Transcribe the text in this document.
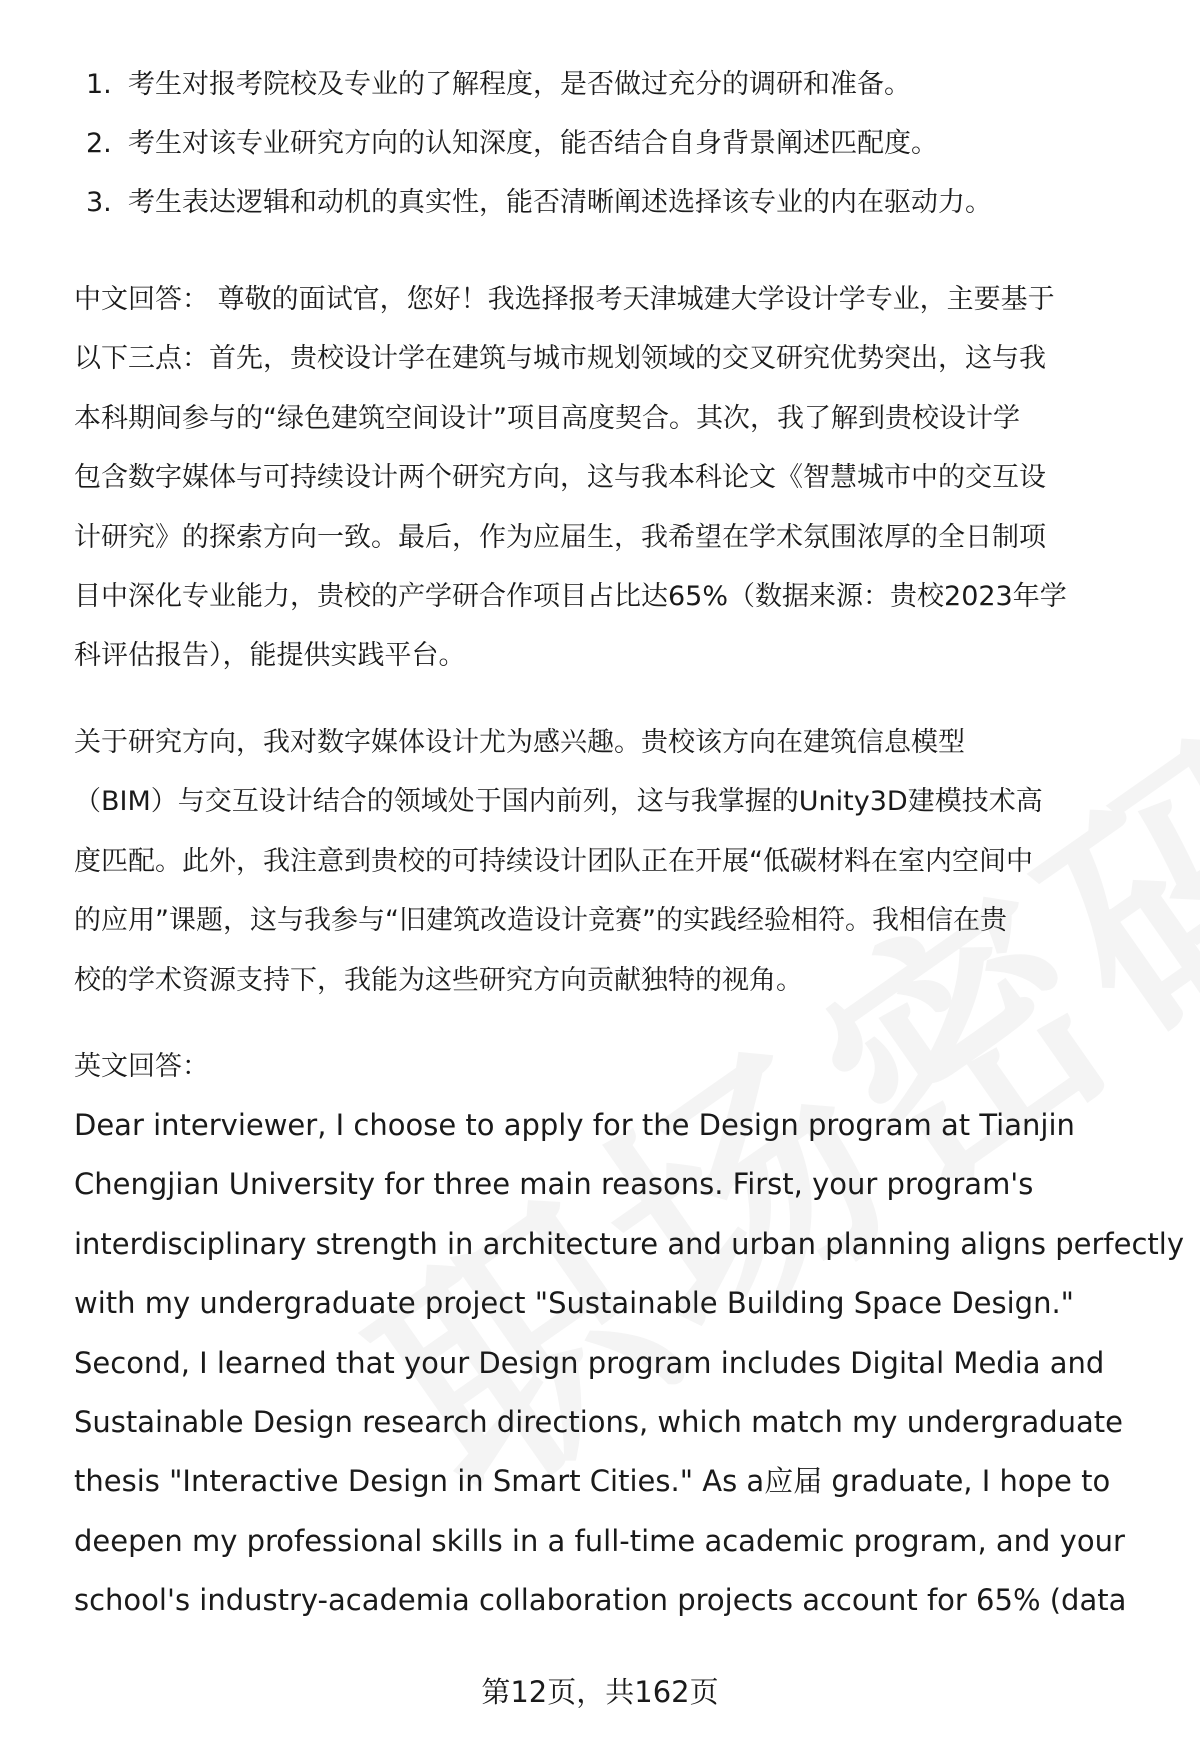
1. 考生对报考院校及专业的了解程度，是否做过充分的调研和准备。
2. 考生对该专业研究方向的认知深度，能否结合自身背景阐述匹配度。
3. 考生表达逻辑和动机的真实性，能否清晰阐述选择该专业的内在驱动力。

中文回答： 尊敬的面试官，您好！我选择报考天津城建大学设计学专业，主要基于
以下三点：首先，贵校设计学在建筑与城市规划领域的交叉研究优势突出，这与我
本科期间参与的“绿色建筑空间设计”项目高度契合。其次，我了解到贵校设计学
包含数字媒体与可持续设计两个研究方向，这与我本科论文《智慧城市中的交互设
计研究》的探索方向一致。最后，作为应届生，我希望在学术氛围浓厚的全日制项
目中深化专业能力，贵校的产学研合作项目占比达65%（数据来源：贵校2023年学
科评估报告），能提供实践平台。

关于研究方向，我对数字媒体设计尤为感兴趣。贵校该方向在建筑信息模型
（BIM）与交互设计结合的领域处于国内前列，这与我掌握的Unity3D建模技术高
度匹配。此外，我注意到贵校的可持续设计团队正在开展“低碳材料在室内空间中
的应用”课题，这与我参与“旧建筑改造设计竞赛”的实践经验相符。我相信在贵
校的学术资源支持下，我能为这些研究方向贡献独特的视角。

英文回答：

Dear interviewer, I choose to apply for the Design program at Tianjin
Chengjian University for three main reasons. First, your program's
interdisciplinary strength in architecture and urban planning aligns perfectly
with my undergraduate project "Sustainable Building Space Design."
Second, I learned that your Design program includes Digital Media and
Sustainable Design research directions, which match my undergraduate
thesis "Interactive Design in Smart Cities." As a应届 graduate, I hope to
deepen my professional skills in a full-time academic program, and your
school's industry-academia collaboration projects account for 65% (data

第12页，共162页
